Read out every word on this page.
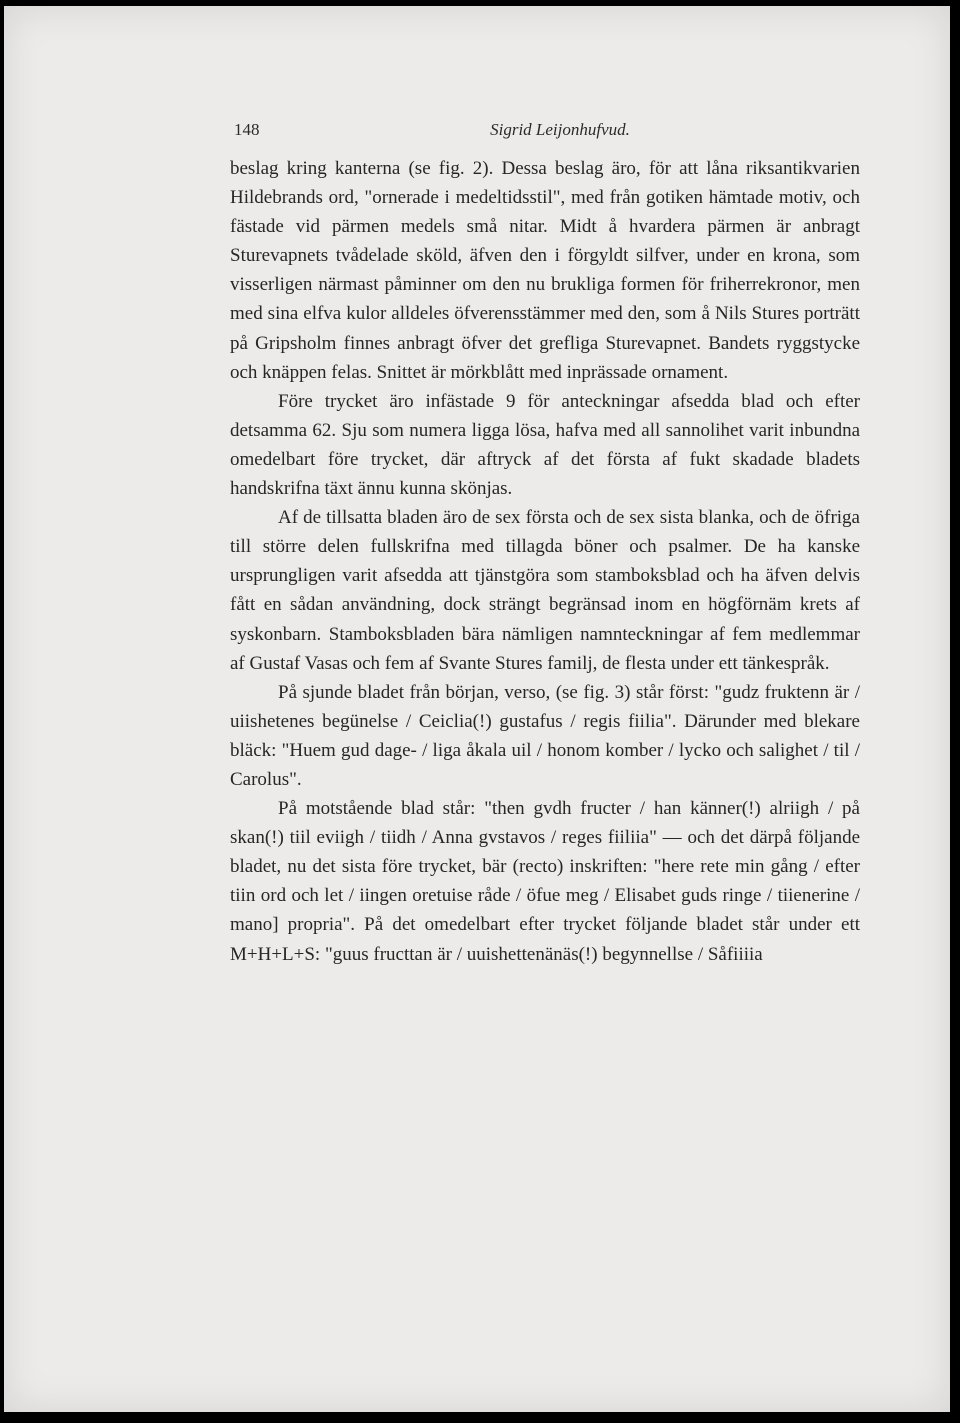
148	Sigrid Leijonhufvud.

beslag kring kanterna (se fig. 2). Dessa beslag äro, för att låna riksantikvarien Hildebrands ord, "ornerade i medeltidsstil", med från gotiken hämtade motiv, och fästade vid pärmen medels små nitar. Midt å hvardera pärmen är anbragt Sturevapnets tvådelade sköld, äfven den i förgyldt silfver, under en krona, som visserligen närmast påminner om den nu brukliga formen för friherrekronor, men med sina elfva kulor alldeles öfverensstämmer med den, som å Nils Stures porträtt på Gripsholm finnes anbragt öfver det grefliga Sturevapnet. Bandets ryggstycke och knäppen felas. Snittet är mörkblått med inprässade ornament.

Före trycket äro infästade 9 för anteckningar afsedda blad och efter detsamma 62. Sju som numera ligga lösa, hafva med all sannolihet varit inbundna omedelbart före trycket, där aftryck af det första af fukt skadade bladets handskrifna täxt ännu kunna skönjas.

Af de tillsatta bladen äro de sex första och de sex sista blanka, och de öfriga till större delen fullskrifna med tillagda böner och psalmer. De ha kanske ursprungligen varit afsedda att tjänstgöra som stamboksblad och ha äfven delvis fått en sådan användning, dock strängt begränsad inom en högförnäm krets af syskonbarn. Stamboksbladen bära nämligen namnteckningar af fem medlemmar af Gustaf Vasas och fem af Svante Stures familj, de flesta under ett tänkespråk.

På sjunde bladet från början, verso, (se fig. 3) står först: "gudz fruktenn är / uiishetenes begünelse / Ceiclia(!) gustafus / regis fiilia". Därunder med blekare bläck: "Huem gud dage- / liga åkala uil / honom komber / lycko och salighet / til / Carolus".

På motstående blad står: "then gvdh fructer / han känner(!) alriigh / på skan(!) tiil eviigh / tiidh / Anna gvstavos / reges fiiliia" — och det därpå följande bladet, nu det sista före trycket, bär (recto) inskriften: "here rete min gång / efter tiin ord och let / iingen oretuise råde / öfue meg / Elisabet guds ringe / tiienerine / mano] propria". På det omedelbart efter trycket följande bladet står under ett M+H+L+S: "guus fructtan är / uuishettenänäs(!) begynnellse / Såfiiiia
